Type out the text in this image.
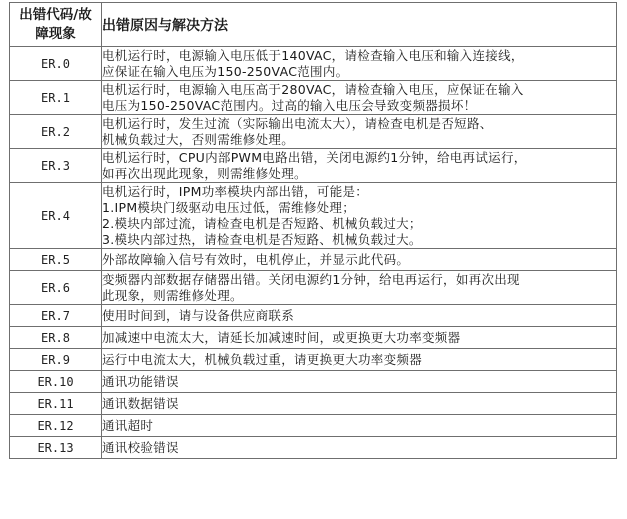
出错代码/故
障现象	出错原因与解决方法
ER.0	电机运行时，电源输入电压低于140VAC，请检查输入电压和输入连接线，
应保证在输入电压为150-250VAC范围内。

ER.1	电机运行时，电源输入电压高于280VAC，请检查输入电压，应保证在输入
电压为150-250VAC范围内。过高的输入电压会导致变频器损坏！

ER.2	电机运行时，发生过流（实际输出电流太大），请检查电机是否短路、
机械负载过大，否则需维修处理。

ER.3	电机运行时，CPU内部PWM电路出错，关闭电源约1分钟，给电再试运行，
如再次出现此现象，则需维修处理。

ER.4	电机运行时，IPM功率模块内部出错，可能是：
1.IPM模块门级驱动电压过低，需维修处理；
2.模块内部过流，请检查电机是否短路、机械负载过大；
3.模块内部过热，请检查电机是否短路、机械负载过大。

ER.5	外部故障输入信号有效时，电机停止，并显示此代码。

ER.6	变频器内部数据存储器出错。关闭电源约1分钟，给电再运行，如再次出现
此现象，则需维修处理。

ER.7	使用时间到，请与设备供应商联系

ER.8	加减速中电流太大，请延长加减速时间，或更换更大功率变频器

ER.9	运行中电流太大，机械负载过重，请更换更大功率变频器

ER.10	通讯功能错误

ER.11	通讯数据错误

ER.12	通讯超时

ER.13	通讯校验错误
